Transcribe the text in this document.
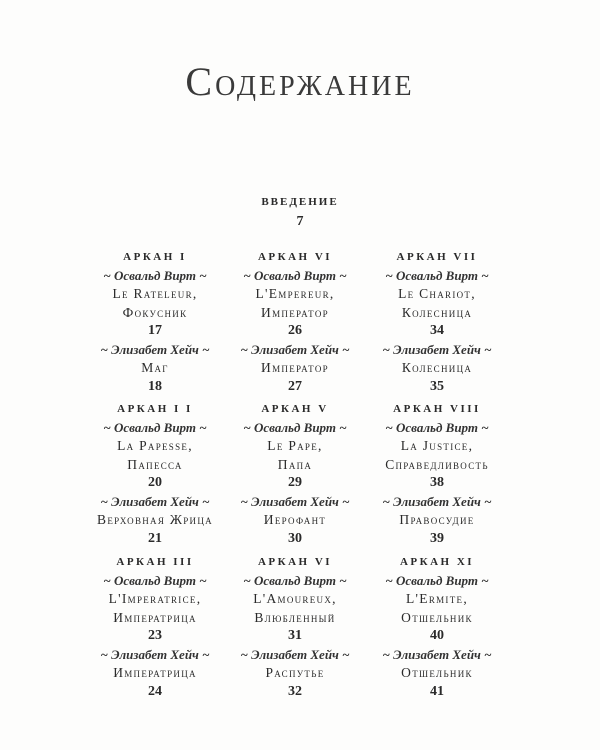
Содержание
ВВЕДЕНИЕ
7
АРКАН I
~ Освальд Вирт ~
Le Rateleur,
Фокусник
17
~ Элизабет Хейч ~
Маг
18
АРКАН VI
~ Освальд Вирт ~
L'Empereur,
Император
26
~ Элизабет Хейч ~
Император
27
АРКАН VII
~ Освальд Вирт ~
Le Chariot,
Колесница
34
~ Элизабет Хейч ~
Колесница
35
АРКАН I I
~ Освальд Вирт ~
La Papesse,
Папесса
20
~ Элизабет Хейч ~
Верховная Жрица
21
АРКАН V
~ Освальд Вирт ~
Le Pape,
Папа
29
~ Элизабет Хейч ~
Иерофант
30
АРКАН VIII
~ Освальд Вирт ~
La Justice,
Справедливость
38
~ Элизабет Хейч ~
Правосудие
39
АРКАН III
~ Освальд Вирт ~
L'Imperatrice,
Императрица
23
~ Элизабет Хейч ~
Императрица
24
АРКАН VI
~ Освальд Вирт ~
L'Amoureux,
Влюбленный
31
~ Элизабет Хейч ~
Распутье
32
АРКАН XI
~ Освальд Вирт ~
L'Ermite,
Отшельник
40
~ Элизабет Хейч ~
Отшельник
41
